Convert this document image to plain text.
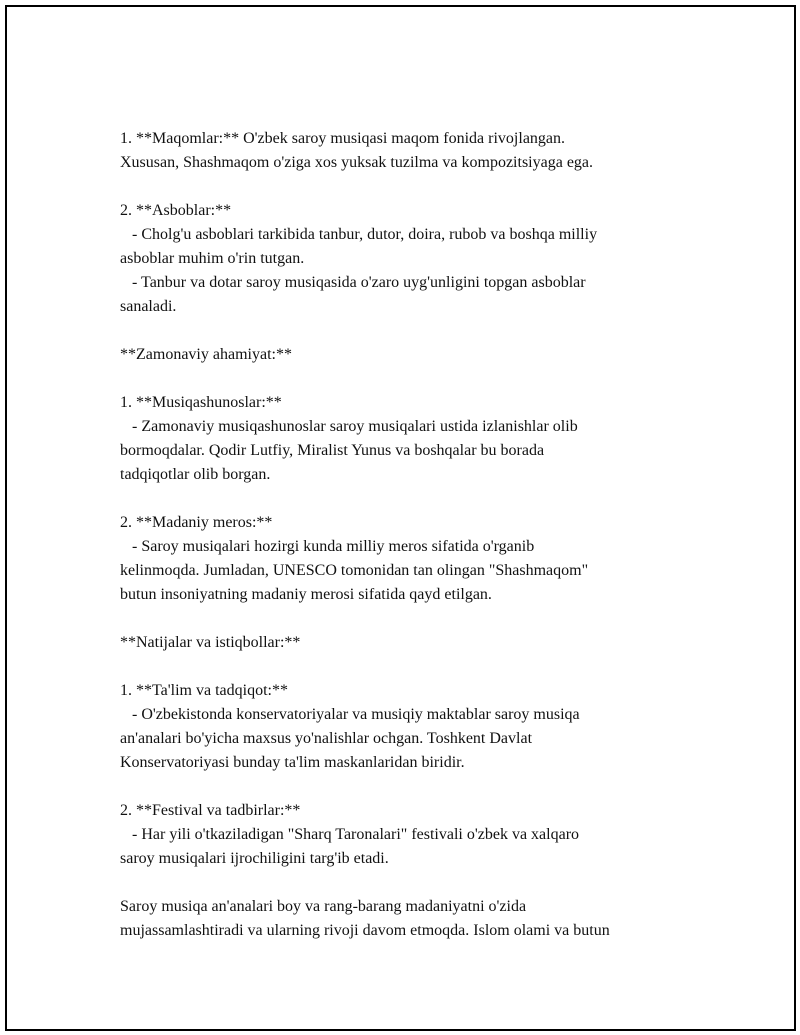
1. **Maqomlar:** O'zbek saroy musiqasi maqom fonida rivojlangan.
Xususan, Shashmaqom o'ziga xos yuksak tuzilma va kompozitsiyaga ega.
2. **Asboblar:**
- Cholg'u asboblari tarkibida tanbur, dutor, doira, rubob va boshqa milliy
asboblar muhim o'rin tutgan.
- Tanbur va dotar saroy musiqasida o'zaro uyg'unligini topgan asboblar
sanaladi.
**Zamonaviy ahamiyat:**
1. **Musiqashunoslar:**
- Zamonaviy musiqashunoslar saroy musiqalari ustida izlanishlar olib
bormoqdalar. Qodir Lutfiy, Miralist Yunus va boshqalar bu borada
tadqiqotlar olib borgan.
2. **Madaniy meros:**
- Saroy musiqalari hozirgi kunda milliy meros sifatida o'rganib
kelinmoqda. Jumladan, UNESCO tomonidan tan olingan "Shashmaqom"
butun insoniyatning madaniy merosi sifatida qayd etilgan.
**Natijalar va istiqbollar:**
1. **Ta'lim va tadqiqot:**
- O'zbekistonda konservatoriyalar va musiqiy maktablar saroy musiqa
an'analari bo'yicha maxsus yo'nalishlar ochgan. Toshkent Davlat
Konservatoriyasi bunday ta'lim maskanlaridan biridir.
2. **Festival va tadbirlar:**
- Har yili o'tkaziladigan "Sharq Taronalari" festivali o'zbek va xalqaro
saroy musiqalari ijrochiligini targ'ib etadi.
Saroy musiqa an'analari boy va rang-barang madaniyatni o'zida
mujassamlashtiradi va ularning rivoji davom etmoqda. Islom olami va butun
